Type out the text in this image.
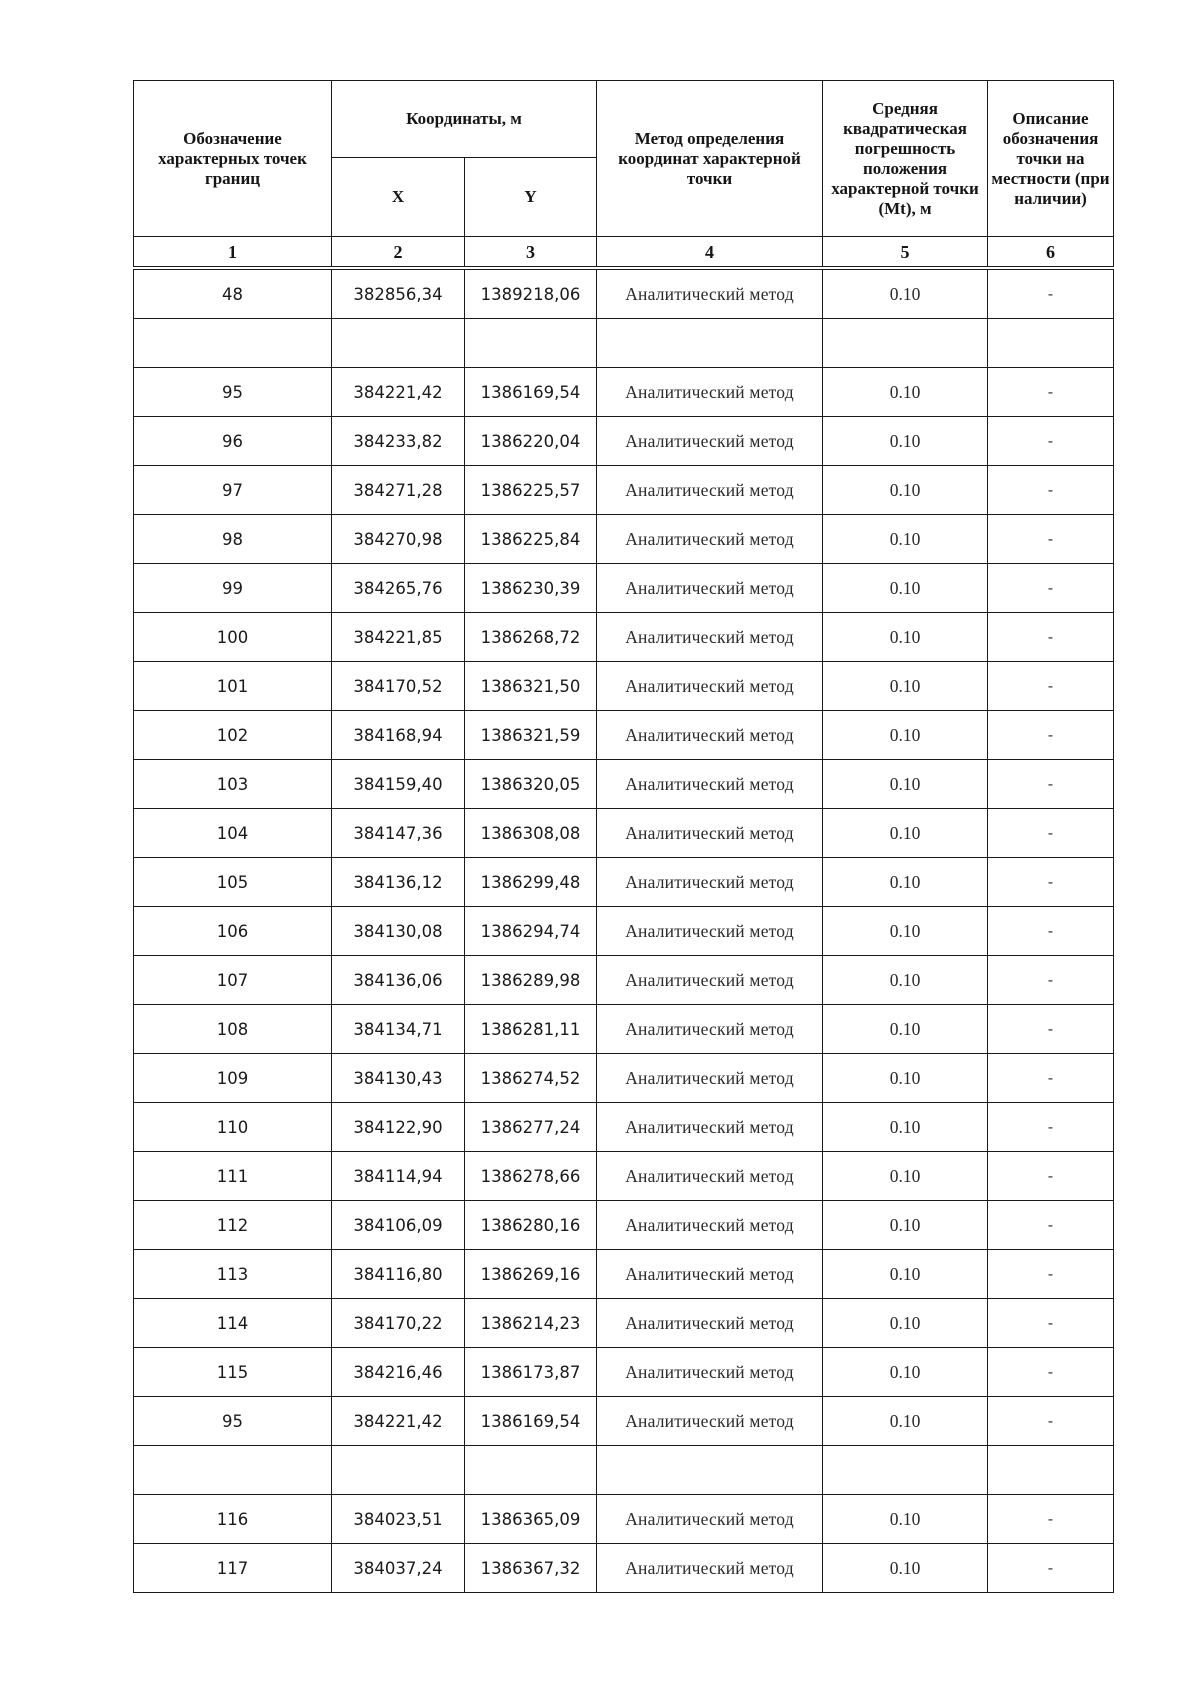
Обозначение характерных точек границ	Координаты, м		Метод определения координат характерной точки	Средняя квадратическая погрешность положения характерной точки (Mt), м	Описание обозначения точки на местности (при наличии)
	X	Y			
1	2	3	4	5	6
48	382856,34	1389218,06	Аналитический метод	0.10	-

95	384221,42	1386169,54	Аналитический метод	0.10	-
96	384233,82	1386220,04	Аналитический метод	0.10	-
97	384271,28	1386225,57	Аналитический метод	0.10	-
98	384270,98	1386225,84	Аналитический метод	0.10	-
99	384265,76	1386230,39	Аналитический метод	0.10	-
100	384221,85	1386268,72	Аналитический метод	0.10	-
101	384170,52	1386321,50	Аналитический метод	0.10	-
102	384168,94	1386321,59	Аналитический метод	0.10	-
103	384159,40	1386320,05	Аналитический метод	0.10	-
104	384147,36	1386308,08	Аналитический метод	0.10	-
105	384136,12	1386299,48	Аналитический метод	0.10	-
106	384130,08	1386294,74	Аналитический метод	0.10	-
107	384136,06	1386289,98	Аналитический метод	0.10	-
108	384134,71	1386281,11	Аналитический метод	0.10	-
109	384130,43	1386274,52	Аналитический метод	0.10	-
110	384122,90	1386277,24	Аналитический метод	0.10	-
111	384114,94	1386278,66	Аналитический метод	0.10	-
112	384106,09	1386280,16	Аналитический метод	0.10	-
113	384116,80	1386269,16	Аналитический метод	0.10	-
114	384170,22	1386214,23	Аналитический метод	0.10	-
115	384216,46	1386173,87	Аналитический метод	0.10	-
95	384221,42	1386169,54	Аналитический метод	0.10	-

116	384023,51	1386365,09	Аналитический метод	0.10	-
117	384037,24	1386367,32	Аналитический метод	0.10	-
